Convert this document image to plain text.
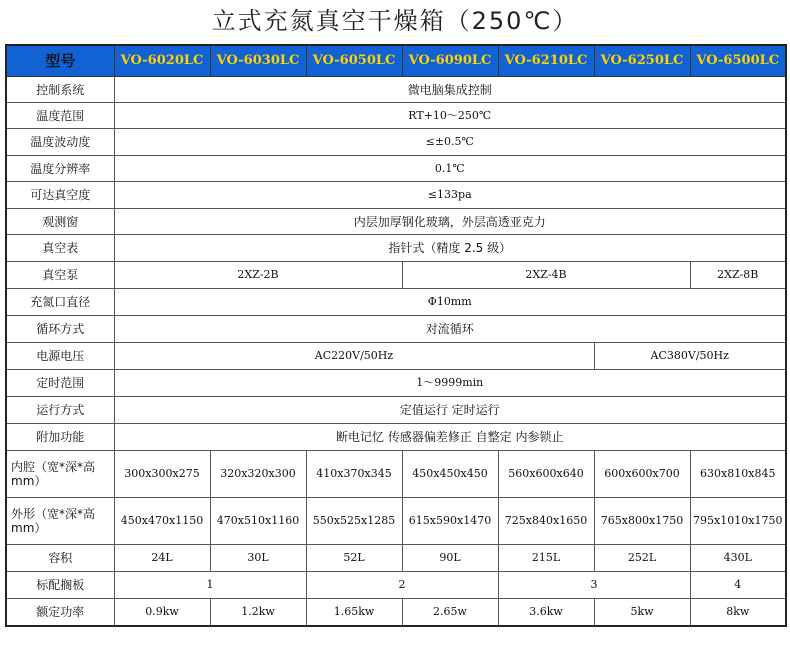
立式充氮真空干燥箱（250℃）
型号	VO-6020LC	VO-6030LC	VO-6050LC	VO-6090LC	VO-6210LC	VO-6250LC	VO-6500LC
控制系统	微电脑集成控制						
温度范围	RT+10～250℃						
温度波动度	≤±0.5℃						
温度分辨率	0.1℃						
可达真空度	≤133pa						
观测窗	内层加厚钢化玻璃，外层高透亚克力						
真空表	指针式（精度 2.5 级）						
真空泵	2XZ-2B			2XZ-4B			2XZ-8B
充氮口直径	Φ10mm						
循环方式	对流循环						
电源电压	AC220V/50Hz					AC380V/50Hz	
定时范围	1～9999min						
运行方式	定值运行 定时运行						
附加功能	断电记忆 传感器偏差修正 自整定 内参锁止						
内腔（宽*深*高mm）	300x300x275	320x320x300	410x370x345	450x450x450	560x600x640	600x600x700	630x810x845
外形（宽*深*高mm）	450x470x1150	470x510x1160	550x525x1285	615x590x1470	725x840x1650	765x800x1750	795x1010x1750
容积	24L	30L	52L	90L	215L	252L	430L
标配搁板	1		2		3		4
额定功率	0.9kw	1.2kw	1.65kw	2.65w	3.6kw	5kw	8kw
